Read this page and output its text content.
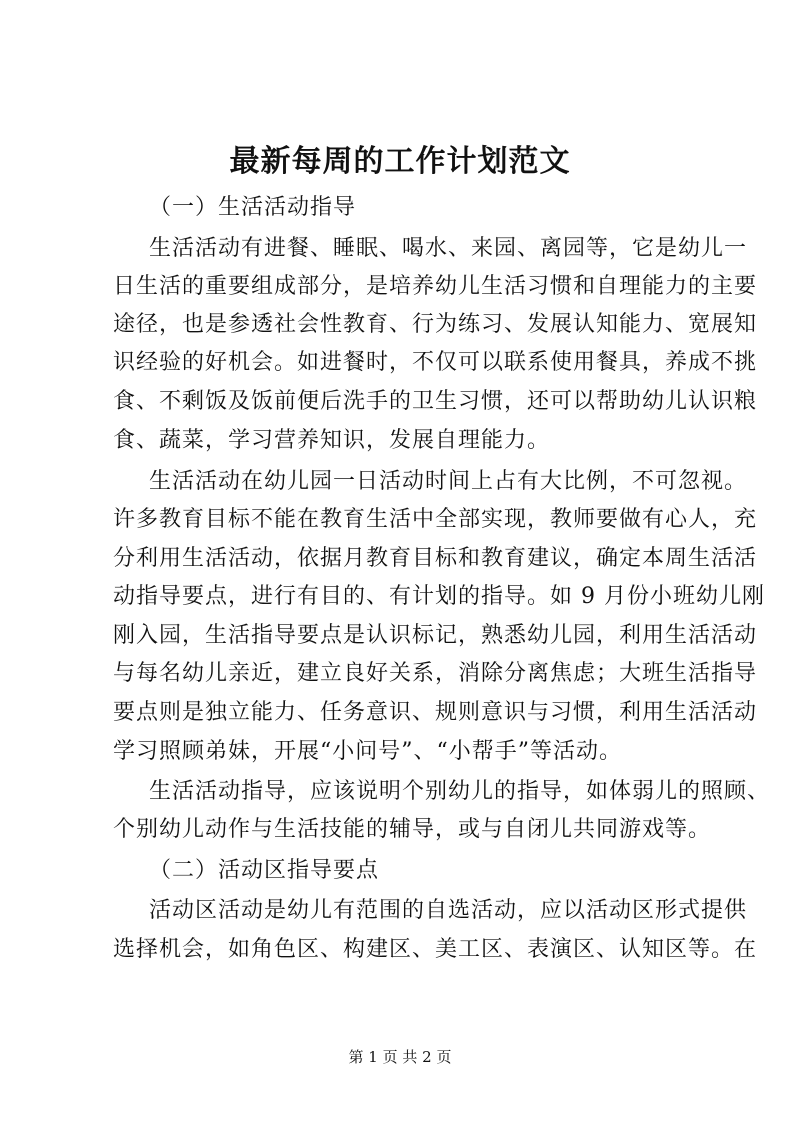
最新每周的工作计划范文
（一）生活活动指导
生活活动有进餐、睡眠、喝水、来园、离园等，它是幼儿一
日生活的重要组成部分，是培养幼儿生活习惯和自理能力的主要
途径，也是参透社会性教育、行为练习、发展认知能力、宽展知
识经验的好机会。如进餐时，不仅可以联系使用餐具，养成不挑
食、不剩饭及饭前便后洗手的卫生习惯，还可以帮助幼儿认识粮
食、蔬菜，学习营养知识，发展自理能力。
生活活动在幼儿园一日活动时间上占有大比例，不可忽视。
许多教育目标不能在教育生活中全部实现，教师要做有心人，充
分利用生活活动，依据月教育目标和教育建议，确定本周生活活
动指导要点，进行有目的、有计划的指导。如 9 月份小班幼儿刚
刚入园，生活指导要点是认识标记，熟悉幼儿园，利用生活活动
与每名幼儿亲近，建立良好关系，消除分离焦虑；大班生活指导
要点则是独立能力、任务意识、规则意识与习惯，利用生活活动
学习照顾弟妹，开展“小问号”、“小帮手”等活动。
生活活动指导，应该说明个别幼儿的指导，如体弱儿的照顾、
个别幼儿动作与生活技能的辅导，或与自闭儿共同游戏等。
（二）活动区指导要点
活动区活动是幼儿有范围的自选活动，应以活动区形式提供
选择机会，如角色区、构建区、美工区、表演区、认知区等。在
第 1 页 共 2 页
